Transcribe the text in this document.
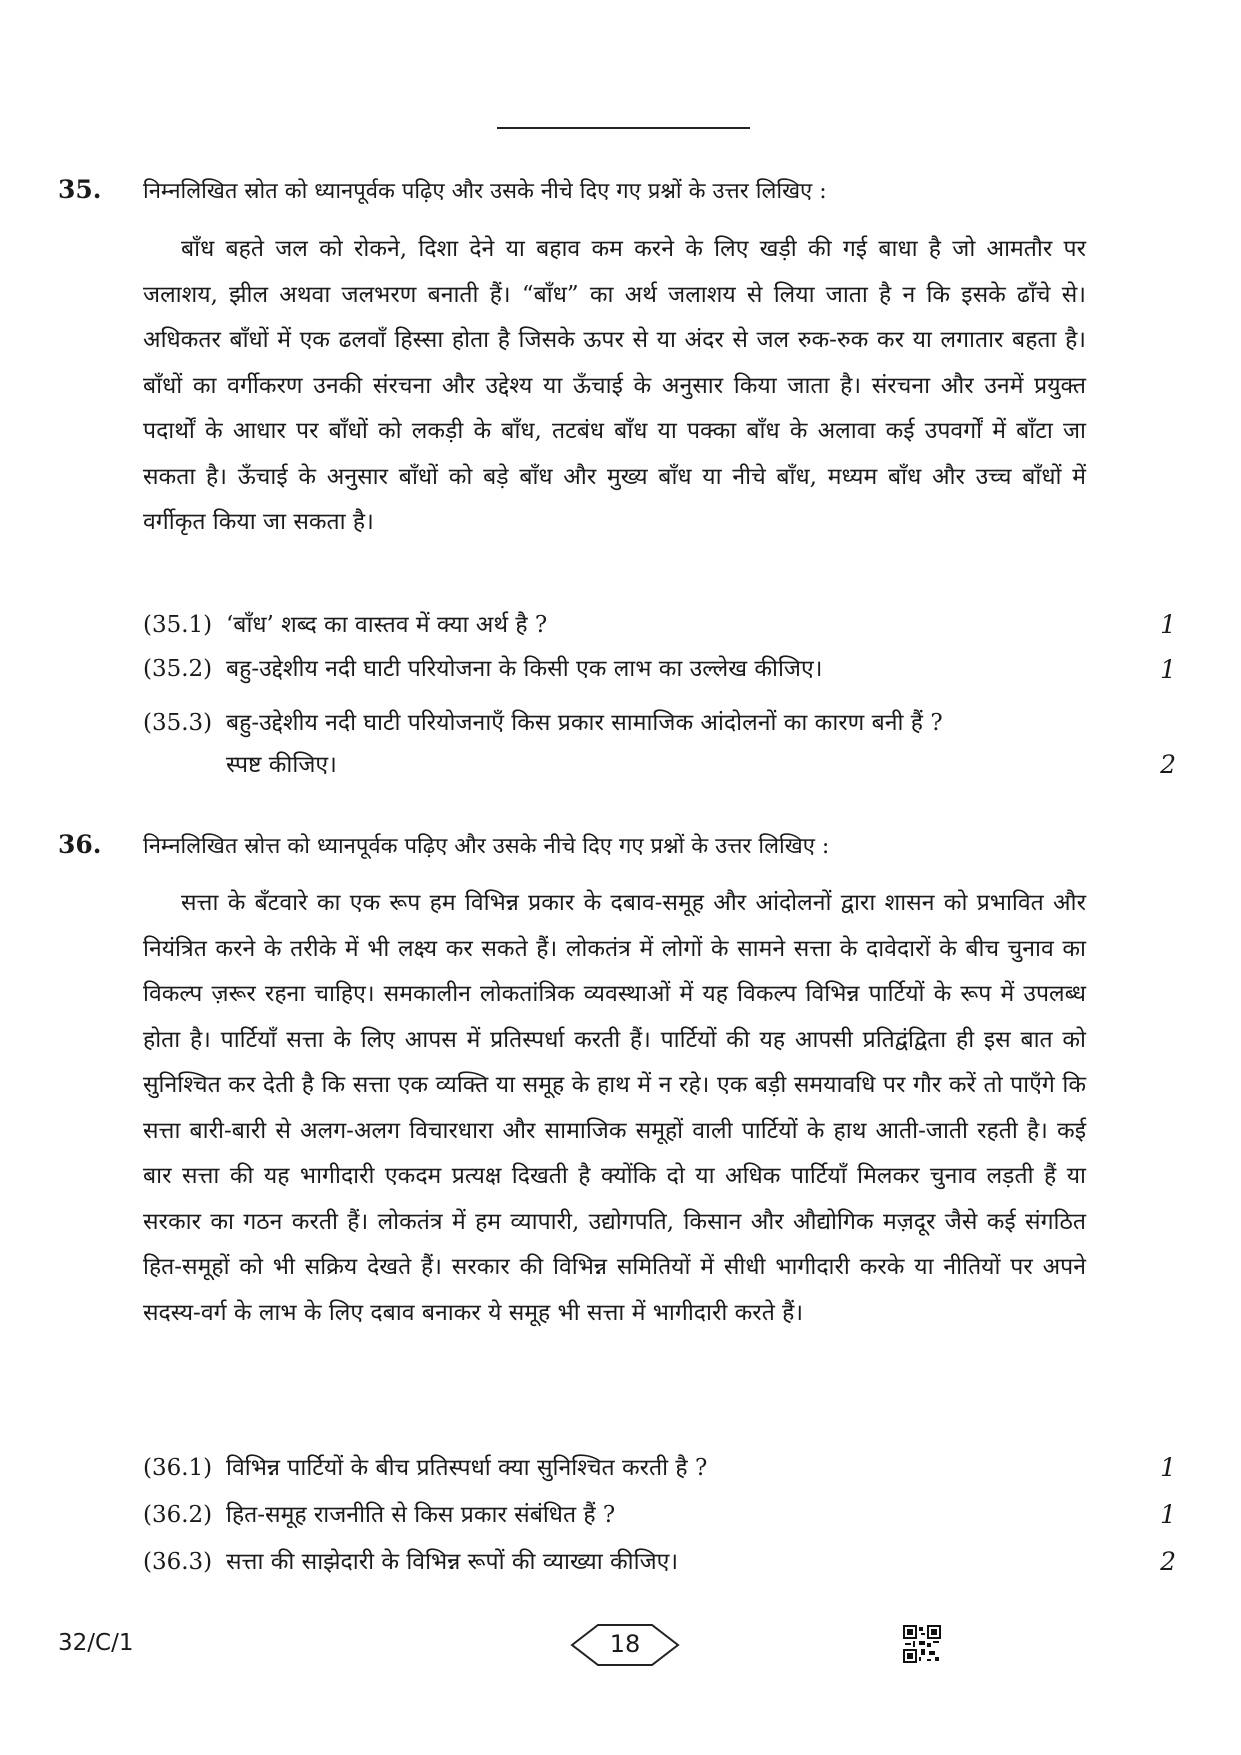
35. निम्नलिखित स्रोत को ध्यानपूर्वक पढ़िए और उसके नीचे दिए गए प्रश्नों के उत्तर लिखिए :

बाँध बहते जल को रोकने, दिशा देने या बहाव कम करने के लिए खड़ी की गई बाधा है जो आमतौर पर जलाशय, झील अथवा जलभरण बनाती हैं। “बाँध” का अर्थ जलाशय से लिया जाता है न कि इसके ढाँचे से। अधिकतर बाँधों में एक ढलवाँ हिस्सा होता है जिसके ऊपर से या अंदर से जल रुक-रुक कर या लगातार बहता है। बाँधों का वर्गीकरण उनकी संरचना और उद्देश्य या ऊँचाई के अनुसार किया जाता है। संरचना और उनमें प्रयुक्त पदार्थों के आधार पर बाँधों को लकड़ी के बाँध, तटबंध बाँध या पक्का बाँध के अलावा कई उपवर्गों में बाँटा जा सकता है। ऊँचाई के अनुसार बाँधों को बड़े बाँध और मुख्य बाँध या नीचे बाँध, मध्यम बाँध और उच्च बाँधों में वर्गीकृत किया जा सकता है।

(35.1) ‘बाँध’ शब्द का वास्तव में क्या अर्थ है ?	1
(35.2) बहु-उद्देशीय नदी घाटी परियोजना के किसी एक लाभ का उल्लेख कीजिए।	1
(35.3) बहु-उद्देशीय नदी घाटी परियोजनाएँ किस प्रकार सामाजिक आंदोलनों का कारण बनी हैं ?
स्पष्ट कीजिए।	2
36. निम्नलिखित स्रोत्त को ध्यानपूर्वक पढ़िए और उसके नीचे दिए गए प्रश्नों के उत्तर लिखिए :

सत्ता के बँटवारे का एक रूप हम विभिन्न प्रकार के दबाव-समूह और आंदोलनों द्वारा शासन को प्रभावित और नियंत्रित करने के तरीके में भी लक्ष्य कर सकते हैं। लोकतंत्र में लोगों के सामने सत्ता के दावेदारों के बीच चुनाव का विकल्प ज़रूर रहना चाहिए। समकालीन लोकतांत्रिक व्यवस्थाओं में यह विकल्प विभिन्न पार्टियों के रूप में उपलब्ध होता है। पार्टियाँ सत्ता के लिए आपस में प्रतिस्पर्धा करती हैं। पार्टियों की यह आपसी प्रतिद्वंद्विता ही इस बात को सुनिश्चित कर देती है कि सत्ता एक व्यक्ति या समूह के हाथ में न रहे। एक बड़ी समयावधि पर गौर करें तो पाएँगे कि सत्ता बारी-बारी से अलग-अलग विचारधारा और सामाजिक समूहों वाली पार्टियों के हाथ आती-जाती रहती है। कई बार सत्ता की यह भागीदारी एकदम प्रत्यक्ष दिखती है क्योंकि दो या अधिक पार्टियाँ मिलकर चुनाव लड़ती हैं या सरकार का गठन करती हैं। लोकतंत्र में हम व्यापारी, उद्योगपति, किसान और औद्योगिक मज़दूर जैसे कई संगठित हित-समूहों को भी सक्रिय देखते हैं। सरकार की विभिन्न समितियों में सीधी भागीदारी करके या नीतियों पर अपने सदस्य-वर्ग के लाभ के लिए दबाव बनाकर ये समूह भी सत्ता में भागीदारी करते हैं।

(36.1) विभिन्न पार्टियों के बीच प्रतिस्पर्धा क्या सुनिश्चित करती है ?	1
(36.2) हित-समूह राजनीति से किस प्रकार संबंधित हैं ?	1
(36.3) सत्ता की साझेदारी के विभिन्न रूपों की व्याख्या कीजिए।	2
32/C/1	18
